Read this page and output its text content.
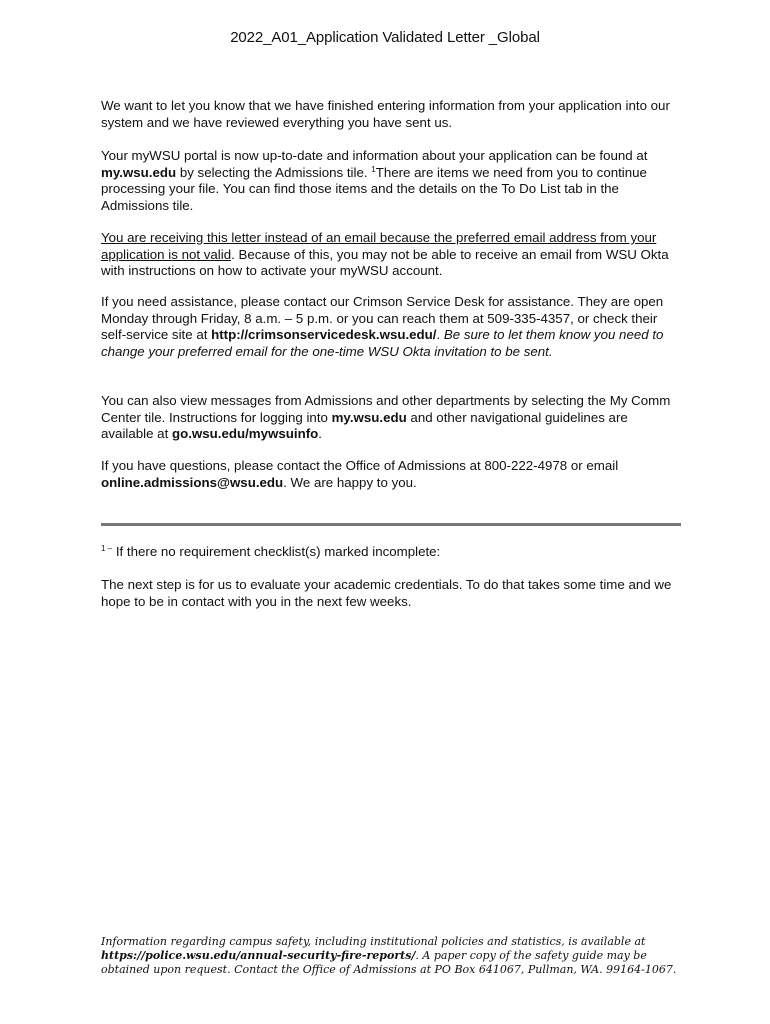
2022_A01_Application Validated Letter _Global

We want to let you know that we have finished entering information from your application into our system and we have reviewed everything you have sent us.

Your myWSU portal is now up-to-date and information about your application can be found at my.wsu.edu by selecting the Admissions tile. $^1$There are items we need from you to continue processing your file. You can find those items and the details on the To Do List tab in the Admissions tile.

You are receiving this letter instead of an email because the preferred email address from your application is not valid. Because of this, you may not be able to receive an email from WSU Okta with instructions on how to activate your myWSU account.

If you need assistance, please contact our Crimson Service Desk for assistance. They are open Monday through Friday, 8 a.m. – 5 p.m. or you can reach them at 509-335-4357, or check their self-service site at http://crimsonservicedesk.wsu.edu/. Be sure to let them know you need to change your preferred email for the one-time WSU Okta invitation to be sent.

You can also view messages from Admissions and other departments by selecting the My Comm Center tile. Instructions for logging into my.wsu.edu and other navigational guidelines are available at go.wsu.edu/mywsuinfo.

If you have questions, please contact the Office of Admissions at 800-222-4978 or email online.admissions@wsu.edu. We are happy to you.

$^{1 -}$ If there no requirement checklist(s) marked incomplete:

The next step is for us to evaluate your academic credentials. To do that takes some time and we hope to be in contact with you in the next few weeks.

Information regarding campus safety, including institutional policies and statistics, is available at https://police.wsu.edu/annual-security-fire-reports/. A paper copy of the safety guide may be obtained upon request. Contact the Office of Admissions at PO Box 641067, Pullman, WA. 99164-1067.
